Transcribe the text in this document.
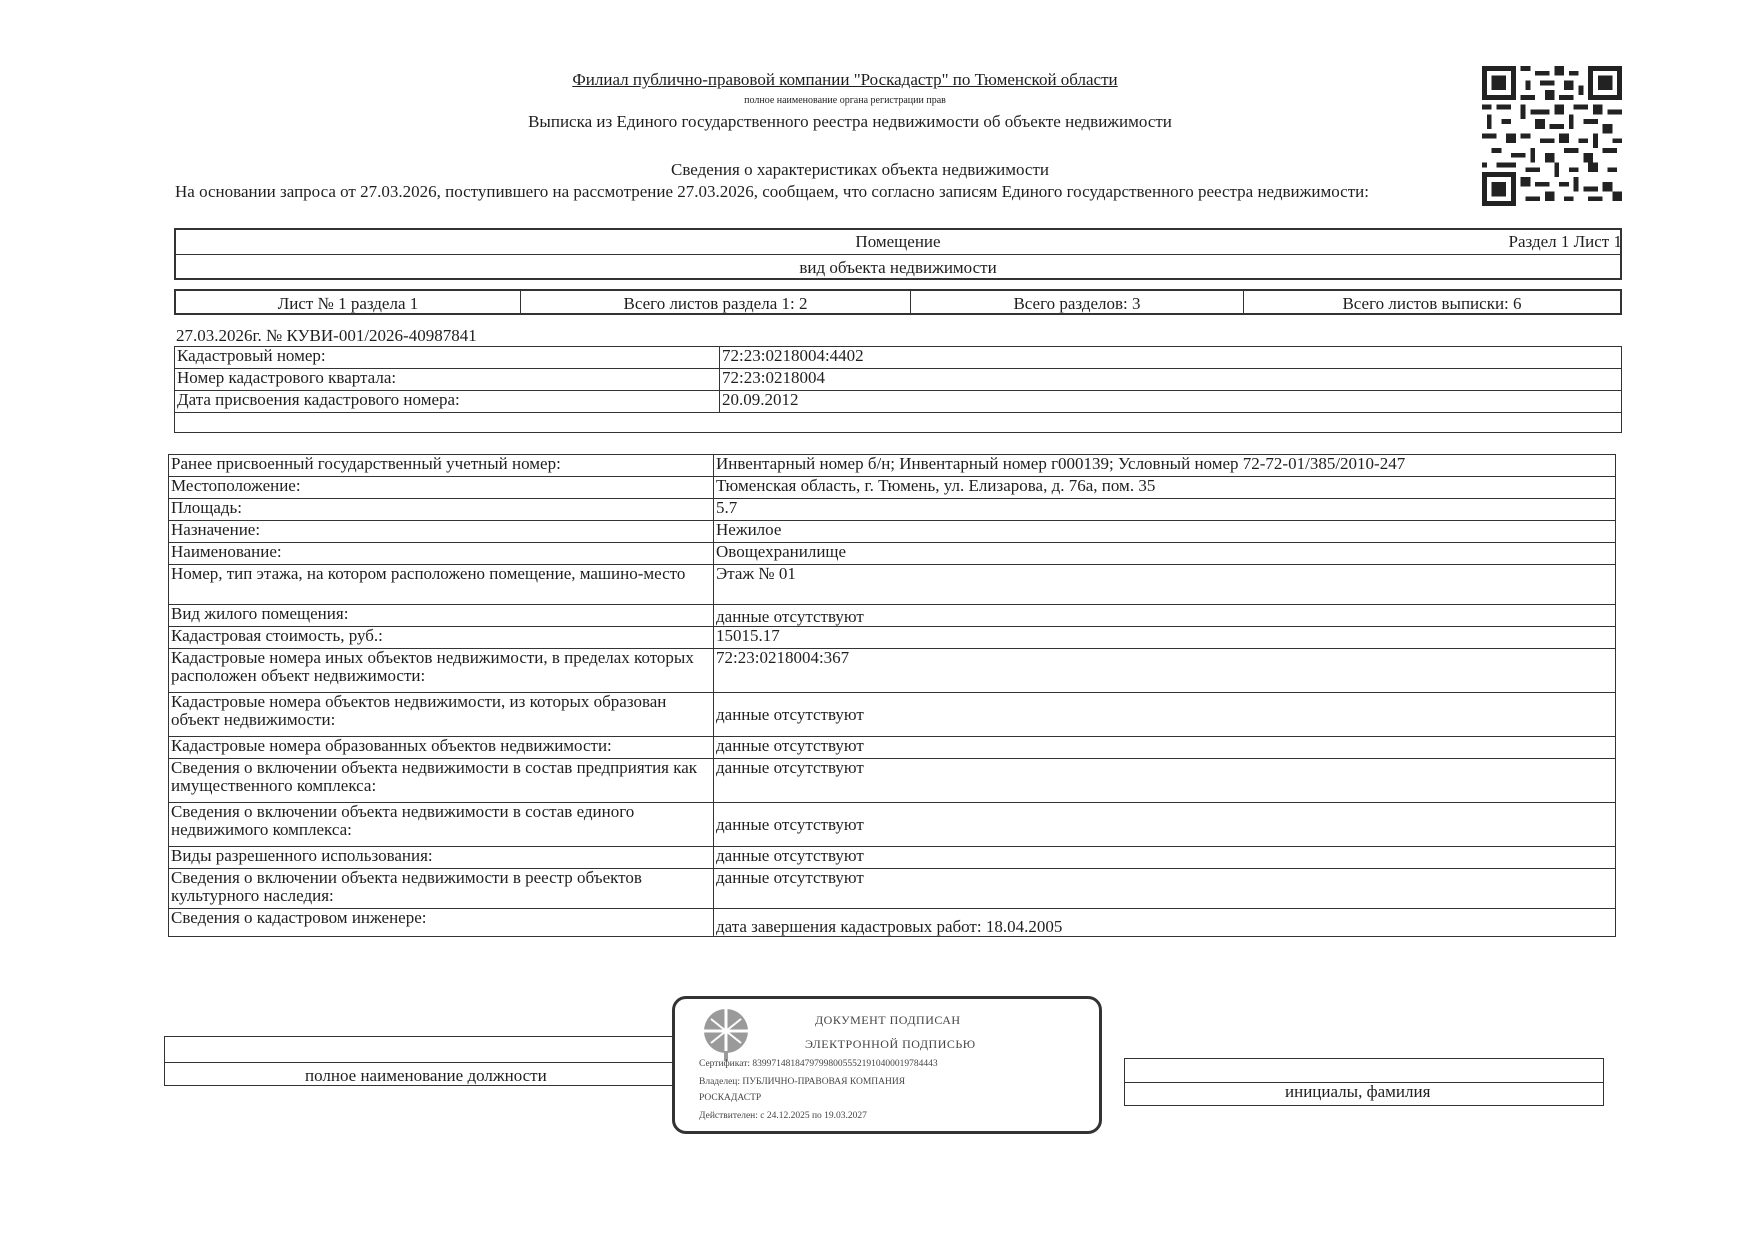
Филиал публично-правовой компании "Роскадастр" по Тюменской области
полное наименование органа регистрации прав
Выписка из Единого государственного реестра недвижимости об объекте недвижимости
Сведения о характеристиках объекта недвижимости
На основании запроса от 27.03.2026, поступившего на рассмотрение 27.03.2026, сообщаем, что согласно записям Единого государственного реестра недвижимости:
Раздел 1 Лист 1
Помещение
вид объекта недвижимости
Лист № 1 раздела 1	Всего листов раздела 1: 2	Всего разделов: 3	Всего листов выписки: 6
27.03.2026г. № КУВИ-001/2026-40987841
Кадастровый номер:	72:23:0218004:4402
Номер кадастрового квартала:	72:23:0218004
Дата присвоения кадастрового номера:	20.09.2012

Ранее присвоенный государственный учетный номер:	Инвентарный номер б/н; Инвентарный номер г000139; Условный номер 72-72-01/385/2010-247
Местоположение:	Тюменская область, г. Тюмень, ул. Елизарова, д. 76а, пом. 35
Площадь:	5.7
Назначение:	Нежилое
Наименование:	Овощехранилище
Номер, тип этажа, на котором расположено помещение, машино-место	Этаж № 01
Вид жилого помещения:	данные отсутствуют
Кадастровая стоимость, руб.:	15015.17
Кадастровые номера иных объектов недвижимости, в пределах которых расположен объект недвижимости:	72:23:0218004:367
Кадастровые номера объектов недвижимости, из которых образован объект недвижимости:	данные отсутствуют
Кадастровые номера образованных объектов недвижимости:	данные отсутствуют
Сведения о включении объекта недвижимости в состав предприятия как имущественного комплекса:	данные отсутствуют
Сведения о включении объекта недвижимости в состав единого недвижимого комплекса:	данные отсутствуют
Виды разрешенного использования:	данные отсутствуют
Сведения о включении объекта недвижимости в реестр объектов культурного наследия:	данные отсутствуют
Сведения о кадастровом инженере:	дата завершения кадастровых работ: 18.04.2005
полное наименование должности
инициалы, фамилия
ДОКУМЕНТ ПОДПИСАН
ЭЛЕКТРОННОЙ ПОДПИСЬЮ
Сертификат: 839971481847979980055521910400019784443
Владелец: ПУБЛИЧНО-ПРАВОВАЯ КОМПАНИЯ
РОСКАДАСТР
Действителен: с 24.12.2025 по 19.03.2027
